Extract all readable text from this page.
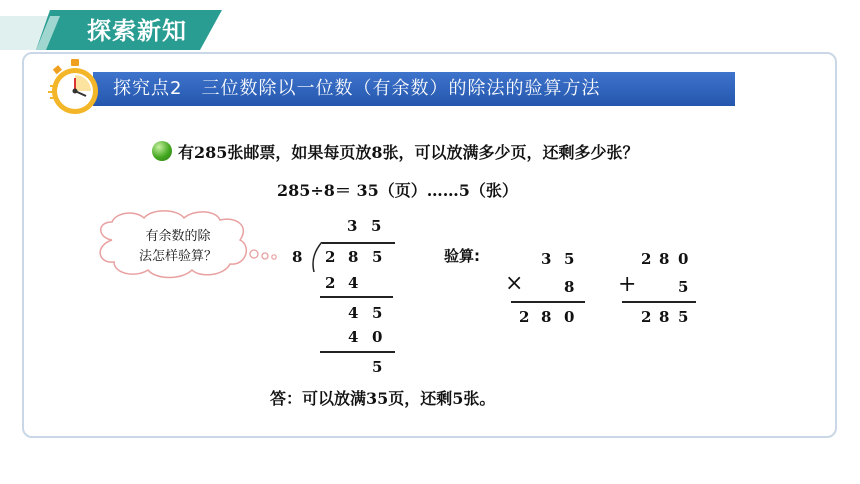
探索新知
探究点2　三位数除以一位数（有余数）的除法的验算方法
有285张邮票，如果每页放8张，可以放满多少页，还剩多少张？
285÷8＝ 35（页）……5（张）
有余数的除
法怎样验算？
3 5
8 2 8 5
2 4
4 5
4 0
5
验算:	3 5
×	8
2 8 0
2 8 0
+	5
2 8 5
答：可以放满35页，还剩5张。
